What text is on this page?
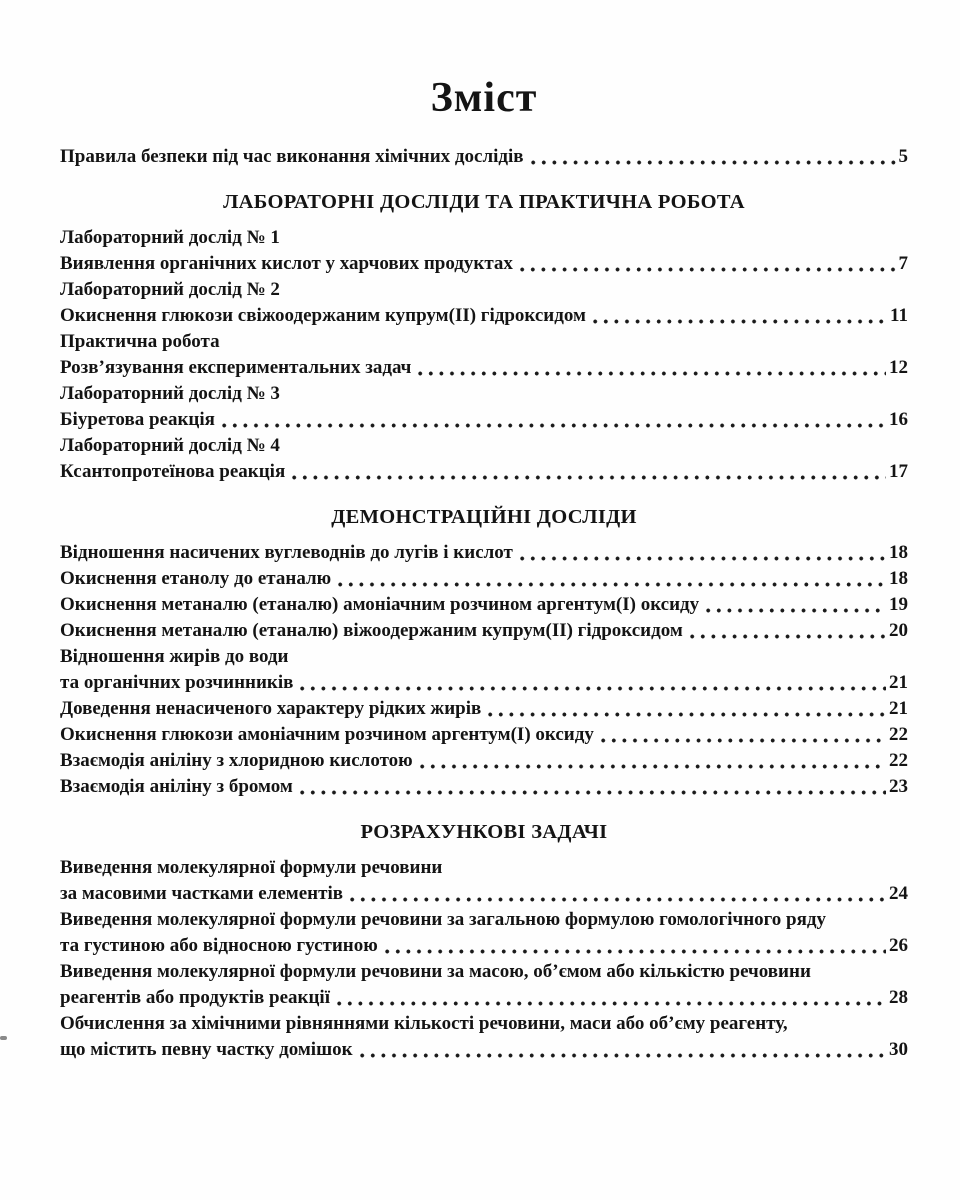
Зміст
Правила безпеки під час виконання хімічних дослідів	5
ЛАБОРАТОРНІ ДОСЛІДИ ТА ПРАКТИЧНА РОБОТА
Лабораторний дослід № 1
Виявлення органічних кислот у харчових продуктах	7
Лабораторний дослід № 2
Окиснення глюкози свіжоодержаним купрум(II) гідроксидом	11
Практична робота
Розв’язування експериментальних задач	12
Лабораторний дослід № 3
Біуретова реакція	16
Лабораторний дослід № 4
Ксантопротеїнова реакція	17
ДЕМОНСТРАЦІЙНІ ДОСЛІДИ
Відношення насичених вуглеводнів до лугів і кислот	18
Окиснення етанолу до етаналю	18
Окиснення метаналю (етаналю) амоніачним розчином аргентум(I) оксиду	19
Окиснення метаналю (етаналю) віжоодержаним купрум(II) гідроксидом	20
Відношення жирів до води
та органічних розчинників	21
Доведення ненасиченого характеру рідких жирів	21
Окиснення глюкози амоніачним розчином аргентум(I) оксиду	22
Взаємодія аніліну з хлоридною кислотою	22
Взаємодія аніліну з бромом	23
РОЗРАХУНКОВІ ЗАДАЧІ
Виведення молекулярної формули речовини
за масовими частками елементів	24
Виведення молекулярної формули речовини за загальною формулою гомологічного ряду
та густиною або відносною густиною	26
Виведення молекулярної формули речовини за масою, об’ємом або кількістю речовини
реагентів або продуктів реакції	28
Обчислення за хімічними рівняннями кількості речовини, маси або об’єму реагенту,
що містить певну частку домішок	30
